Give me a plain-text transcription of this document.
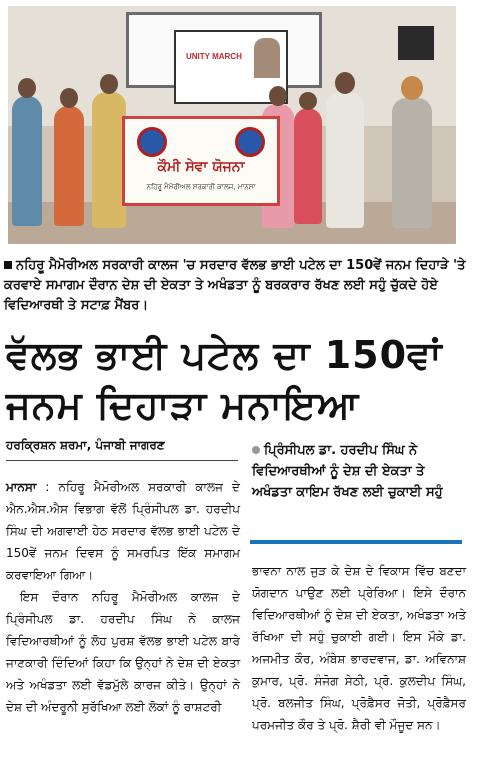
UNITY MARCH
ਕੌਮੀ ਸੇਵਾ ਯੋਜਨਾ
ਨਹਿਰੂ ਮੈਮੋਰੀਅਲ ਸਰਕਾਰੀ ਕਾਲਜ, ਮਾਨਸਾ
ਨਹਿਰੂ ਮੈਮੋਰੀਅਲ ਸਰਕਾਰੀ ਕਾਲਜ 'ਚ ਸਰਦਾਰ ਵੱਲਭ ਭਾਈ ਪਟੇਲ ਦਾ 150ਵੇਂ ਜਨਮ ਦਿਹਾੜੇ 'ਤੇ ਕਰਵਾਏ ਸਮਾਗਮ ਦੌਰਾਨ ਦੇਸ਼ ਦੀ ਏਕਤਾ ਤੇ ਅਖੰਡਤਾ ਨੂੰ ਬਰਕਰਾਰ ਰੱਖਣ ਲਈ ਸਹੁੰ ਚੁੱਕਦੇ ਹੋਏ ਵਿਦਿਆਰਥੀ ਤੇ ਸਟਾਫ਼ ਮੈਂਬਰ।
ਵੱਲਭ ਭਾਈ ਪਟੇਲ ਦਾ 150ਵਾਂ ਜਨਮ ਦਿਹਾੜਾ ਮਨਾਇਆ
ਹਰਕ੍ਰਿਸ਼ਨ ਸ਼ਰਮਾ, ਪੰਜਾਬੀ ਜਾਗਰਣ

ਮਾਨਸਾ : ਨਹਿਰੂ ਮੈਮੋਰੀਅਲ ਸਰਕਾਰੀ ਕਾਲਜ ਦੇ ਐਨ.ਐਸ.ਐਸ ਵਿਭਾਗ ਵੱਲੋਂ ਪ੍ਰਿੰਸੀਪਲ ਡਾ. ਹਰਦੀਪ ਸਿੰਘ ਦੀ ਅਗਵਾਈ ਹੇਠ ਸਰਦਾਰ ਵੱਲਭ ਭਾਈ ਪਟੇਲ ਦੇ 150ਵੇਂ ਜਨਮ ਦਿਵਸ ਨੂੰ ਸਮਰਪਿਤ ਇੱਕ ਸਮਾਗਮ ਕਰਵਾਇਆ ਗਿਆ।

ਇਸ ਦੌਰਾਨ ਨਹਿਰੂ ਮੈਮੋਰੀਅਲ ਕਾਲਜ ਦੇ ਪ੍ਰਿੰਸੀਪਲ ਡਾ. ਹਰਦੀਪ ਸਿੰਘ ਨੇ ਕਾਲਜ ਵਿਦਿਆਰਥੀਆਂ ਨੂੰ ਲੋਹ ਪੁਰਸ਼ ਵੱਲਭ ਭਾਈ ਪਟੇਲ ਬਾਰੇ ਜਾਣਕਾਰੀ ਦਿੰਦਿਆਂ ਕਿਹਾ ਕਿ ਉਨ੍ਹਾਂ ਨੇ ਦੇਸ਼ ਦੀ ਏਕਤਾ ਅਤੇ ਅਖੰਡਤਾ ਲਈ ਵੱਡਮੁੱਲੇ ਕਾਰਜ ਕੀਤੇ। ਉਨ੍ਹਾਂ ਨੇ ਦੇਸ਼ ਦੀ ਅੰਦਰੂਨੀ ਸੁਰੱਖਿਆ ਲਈ ਲੋਕਾਂ ਨੂੰ ਰਾਸ਼ਟਰੀ

ਪ੍ਰਿੰਸੀਪਲ ਡਾ. ਹਰਦੀਪ ਸਿੰਘ ਨੇ ਵਿਦਿਆਰਥੀਆਂ ਨੂੰ ਦੇਸ਼ ਦੀ ਏਕਤਾ ਤੇ ਅਖੰਡਤਾ ਕਾਇਮ ਰੱਖਣ ਲਈ ਚੁਕਾਈ ਸਹੁੰ

ਭਾਵਨਾ ਨਾਲ ਜੁੜ ਕੇ ਦੇਸ਼ ਦੇ ਵਿਕਾਸ ਵਿੱਚ ਬਣਦਾ ਯੋਗਦਾਨ ਪਾਉਣ ਲਈ ਪ੍ਰੇਰਿਆ। ਇਸੇ ਦੌਰਾਨ ਵਿਦਿਆਰਥੀਆਂ ਨੂੰ ਦੇਸ਼ ਦੀ ਏਕਤਾ, ਅਖੰਡਤਾ ਅਤੇ ਰੱਖਿਆ ਦੀ ਸਹੁੰ ਚੁਕਾਈ ਗਈ। ਇਸ ਮੌਕੇ ਡਾ. ਅਜਮੀਤ ਕੌਰ, ਅੰਬੇਸ਼ ਭਾਰਦਵਾਜ, ਡਾ. ਅਵਿਨਾਸ਼ ਕੁਮਾਰ, ਪ੍ਰੋ. ਸੰਜੋਗ ਸੇਠੀ, ਪ੍ਰੋ. ਕੁਲਦੀਪ ਸਿੰਘ, ਪ੍ਰੋ. ਬਲਜੀਤ ਸਿੰਘ, ਪ੍ਰੋਫ਼ੈਸਰ ਜੋਤੀ, ਪ੍ਰੋਫ਼ੈਸਰ ਪਰਮਜੀਤ ਕੌਰ ਤੇ ਪ੍ਰੋ. ਸ਼ੈਰੀ ਵੀ ਮੌਜੂਦ ਸਨ।
